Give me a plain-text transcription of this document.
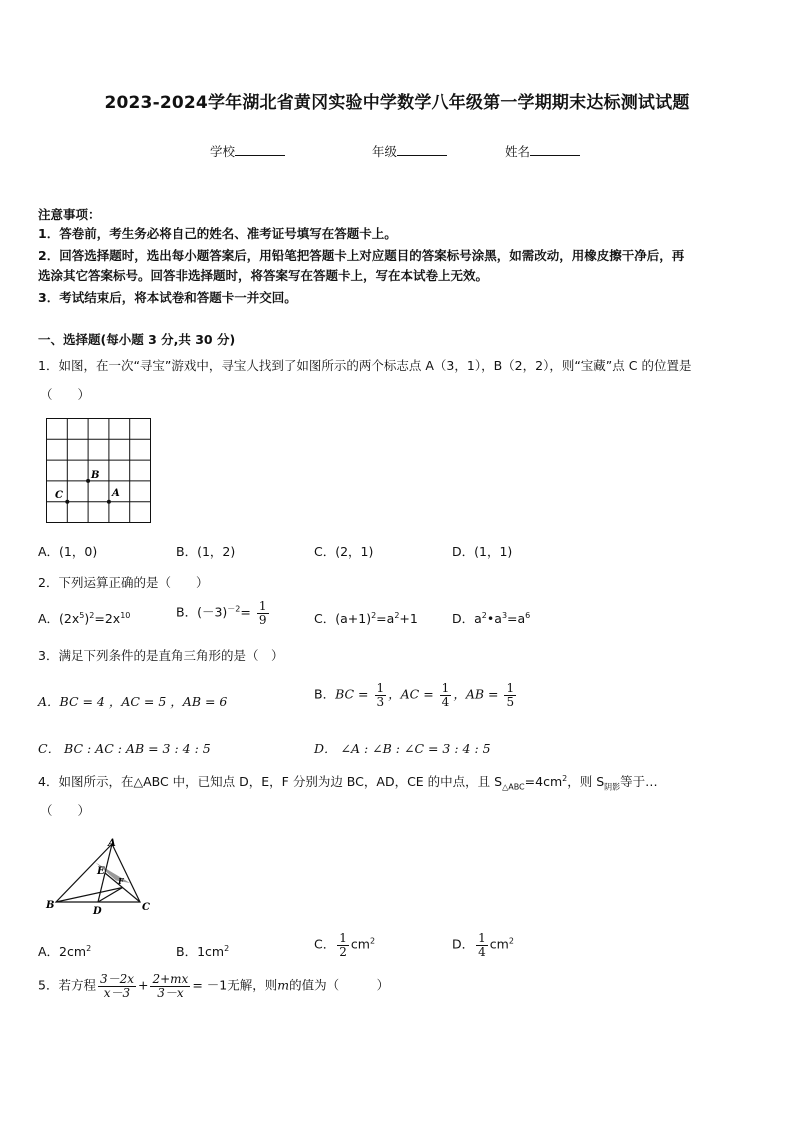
2023-2024学年湖北省黄冈实验中学数学八年级第一学期期末达标测试试题
学校	年级	姓名
注意事项：
1．答卷前，考生务必将自己的姓名、准考证号填写在答题卡上。
2．回答选择题时，选出每小题答案后，用铅笔把答题卡上对应题目的答案标号涂黑，如需改动，用橡皮擦干净后，再
选涂其它答案标号。回答非选择题时，将答案写在答题卡上，写在本试卷上无效。
3．考试结束后，将本试卷和答题卡一并交回。
一、选择题(每小题 3 分,共 30 分)
1．如图，在一次“寻宝”游戏中，寻宝人找到了如图所示的两个标志点 A（3，1），B（2，2），则“宝藏”点 C 的位置是
（　　）
B
A
C
A．(1，0)	B．(1，2)	C．(2，1)	D．(1，1)
2．下列运算正确的是（　　）
A．$(2x^5)^2=2x^{10}$	B．$(-3)^{-2}= \frac{1}{9}$	C．$(a+1)^2=a^2+1$	D．$a^2•a^3=a^6$
3．满足下列条件的是直角三角形的是（　）
A．BC = 4 ，AC = 5 ，AB = 6	B．BC = $\frac{1}{3}$ ，AC = $\frac{1}{4}$ ，AB = $\frac{1}{5}$
C． BC : AC : AB = 3 : 4 : 5	D． ∠A : ∠B : ∠C = 3 : 4 : 5
4．如图所示，在△ABC 中，已知点 D，E，F 分别为边 BC，AD，CE 的中点，且 $S_{\triangle ABC}=4cm^2$，则 $S_{阴影}$等于…
（　　）
A
B	C
D
E
F
A．$2cm^2$	B．$1cm^2$	C． $\frac{1}{2} cm^2$	D． $\frac{1}{4} cm^2$
5．若方程 $\frac{3-2x}{x-3} + \frac{2+mx}{3-x} = -1$无解，则m的值为（　　　）
